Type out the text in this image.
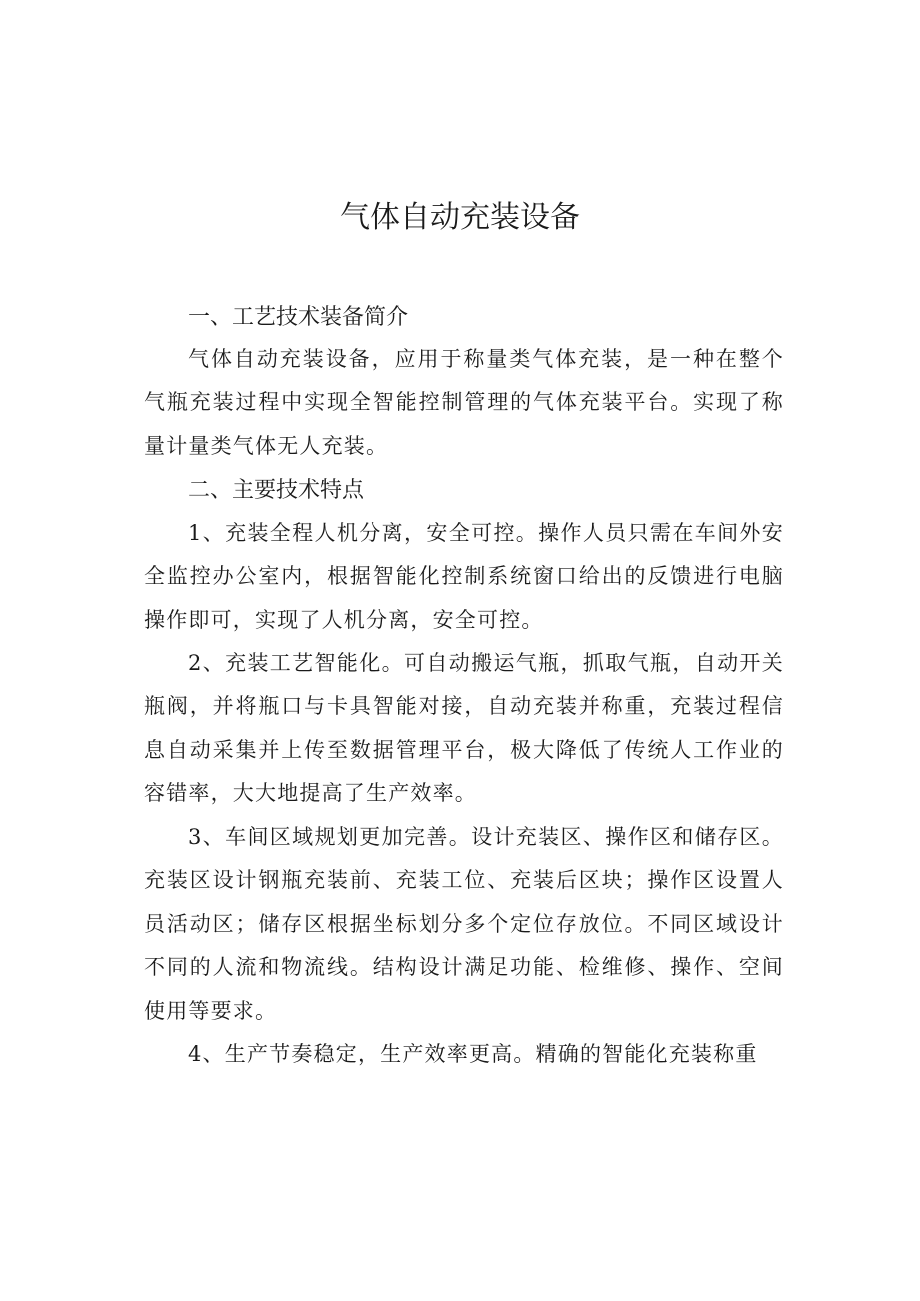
气体自动充装设备
一、工艺技术装备简介

气体自动充装设备，应用于称量类气体充装，是一种在整个气瓶充装过程中实现全智能控制管理的气体充装平台。实现了称量计量类气体无人充装。

二、主要技术特点

1、充装全程人机分离，安全可控。操作人员只需在车间外安全监控办公室内，根据智能化控制系统窗口给出的反馈进行电脑操作即可，实现了人机分离，安全可控。

2、充装工艺智能化。可自动搬运气瓶，抓取气瓶，自动开关瓶阀，并将瓶口与卡具智能对接，自动充装并称重，充装过程信息自动采集并上传至数据管理平台，极大降低了传统人工作业的容错率，大大地提高了生产效率。

3、车间区域规划更加完善。设计充装区、操作区和储存区。充装区设计钢瓶充装前、充装工位、充装后区块；操作区设置人员活动区；储存区根据坐标划分多个定位存放位。不同区域设计不同的人流和物流线。结构设计满足功能、检维修、操作、空间使用等要求。

4、生产节奏稳定，生产效率更高。精确的智能化充装称重
